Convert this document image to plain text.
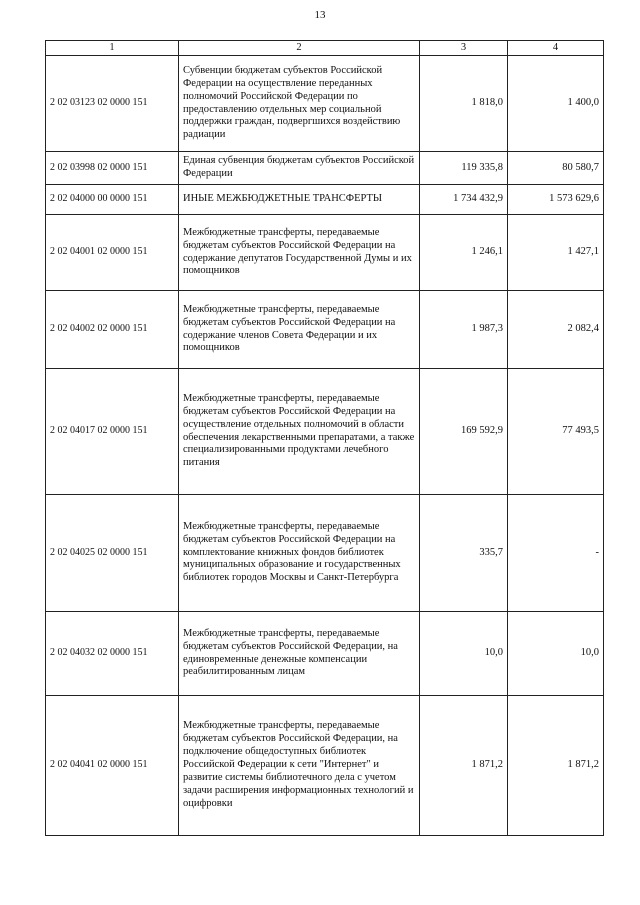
13
1	2	3	4
2 02 03123 02 0000 151	Субвенции бюджетам субъектов Российской Федерации на осуществление переданных полномочий Российской Федерации по предоставлению отдельных мер социальной поддержки граждан, подвергшихся воздействию радиации	1 818,0	1 400,0
2 02 03998 02 0000 151	Единая субвенция бюджетам субъектов Российской Федерации	119 335,8	80 580,7
2 02 04000 00 0000 151	ИНЫЕ МЕЖБЮДЖЕТНЫЕ ТРАНСФЕРТЫ	1 734 432,9	1 573 629,6
2 02 04001 02 0000 151	Межбюджетные трансферты, передаваемые бюджетам субъектов Российской Федерации на содержание депутатов Государственной Думы и их помощников	1 246,1	1 427,1
2 02 04002 02 0000 151	Межбюджетные трансферты, передаваемые бюджетам субъектов Российской Федерации на содержание членов Совета Федерации и их помощников	1 987,3	2 082,4
2 02 04017 02 0000 151	Межбюджетные трансферты, передаваемые бюджетам субъектов Российской Федерации на осуществление отдельных полномочий в области обеспечения лекарственными препаратами, а также специализированными продуктами лечебного питания	169 592,9	77 493,5
2 02 04025 02 0000 151	Межбюджетные трансферты, передаваемые бюджетам субъектов Российской Федерации на комплектование книжных фондов библиотек муниципальных образование и государственных библиотек городов Москвы и Санкт-Петербурга	335,7	-
2 02 04032 02 0000 151	Межбюджетные трансферты, передаваемые бюджетам субъектов Российской Федерации, на единовременные денежные компенсации реабилитированным лицам	10,0	10,0
2 02 04041 02 0000 151	Межбюджетные трансферты, передаваемые бюджетам субъектов Российской Федерации, на подключение общедоступных библиотек Российской Федерации к сети "Интернет" и развитие системы библиотечного дела с учетом задачи расширения информационных технологий и оцифровки	1 871,2	1 871,2
